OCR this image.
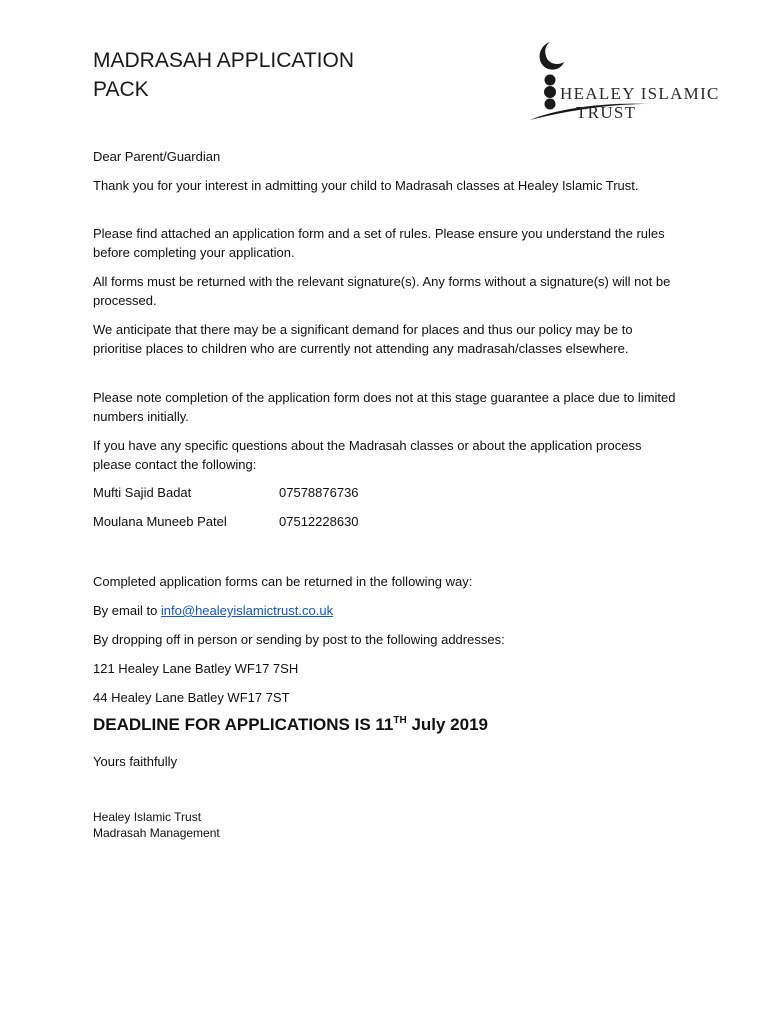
MADRASAH APPLICATION
PACK	HEALEY ISLAMIC
TRUST

Dear Parent/Guardian

Thank you for your interest in admitting your child to Madrasah classes at Healey Islamic Trust.

Please find attached an application form and a set of rules. Please ensure you understand the rules before completing your application.

All forms must be returned with the relevant signature(s). Any forms without a signature(s) will not be processed.

We anticipate that there may be a significant demand for places and thus our policy may be to prioritise places to children who are currently not attending any madrasah/classes elsewhere.

Please note completion of the application form does not at this stage guarantee a place due to limited numbers initially.

If you have any specific questions about the Madrasah classes or about the application process please contact the following:

Mufti Sajid Badat	07578876736
Moulana Muneeb Patel	07512228630

Completed application forms can be returned in the following way:

By email to info@healeyislamictrust.co.uk

By dropping off in person or sending by post to the following addresses:

121 Healey Lane Batley WF17 7SH

44 Healey Lane Batley WF17 7ST

DEADLINE FOR APPLICATIONS IS 11TH July 2019

Yours faithfully

Healey Islamic Trust
Madrasah Management
